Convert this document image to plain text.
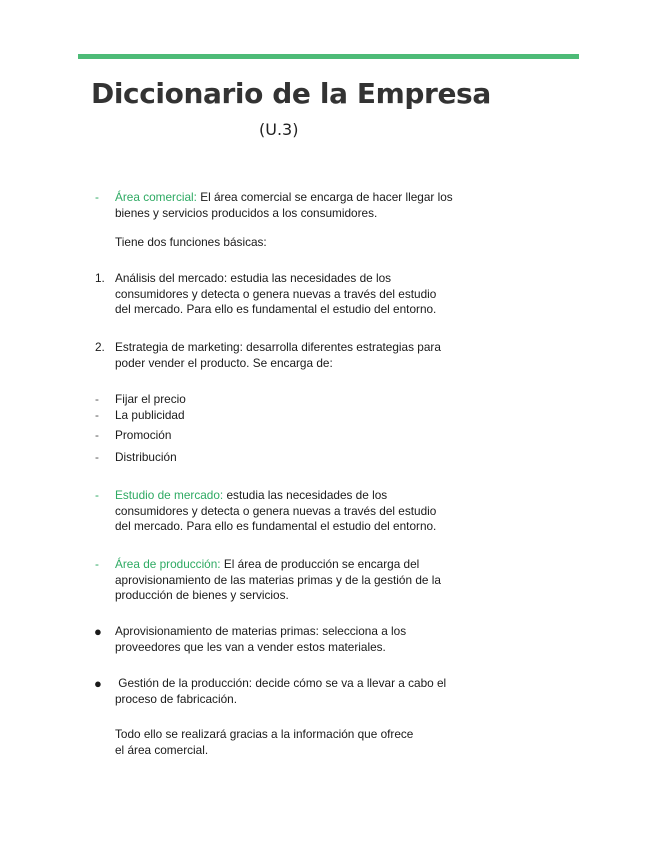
Diccionario de la Empresa
(U.3)
- Área comercial: El área comercial se encarga de hacer llegar los
bienes y servicios producidos a los consumidores.
Tiene dos funciones básicas:
1. Análisis del mercado: estudia las necesidades de los
consumidores y detecta o genera nuevas a través del estudio
del mercado. Para ello es fundamental el estudio del entorno.
2. Estrategia de marketing: desarrolla diferentes estrategias para
poder vender el producto. Se encarga de:
- Fijar el precio
- La publicidad
- Promoción
- Distribución
- Estudio de mercado: estudia las necesidades de los
consumidores y detecta o genera nuevas a través del estudio
del mercado. Para ello es fundamental el estudio del entorno.
- Área de producción: El área de producción se encarga del
aprovisionamiento de las materias primas y de la gestión de la
producción de bienes y servicios.
● Aprovisionamiento de materias primas: selecciona a los
proveedores que les van a vender estos materiales.
● Gestión de la producción: decide cómo se va a llevar a cabo el
proceso de fabricación.
Todo ello se realizará gracias a la información que ofrece
el área comercial.
